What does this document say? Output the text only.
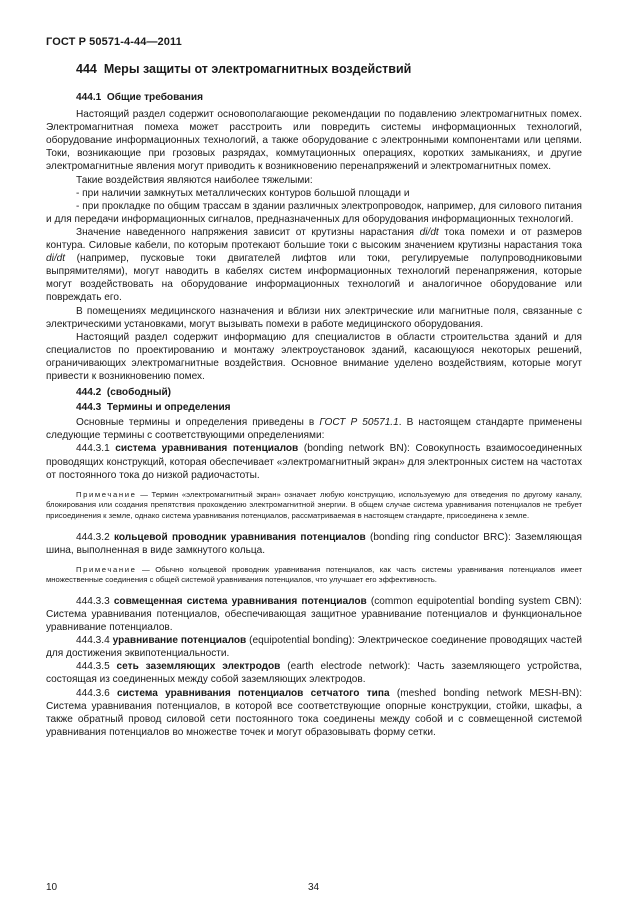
ГОСТ Р 50571-4-44—2011
444 Меры защиты от электромагнитных воздействий
444.1 Общие требования

Настоящий раздел содержит основополагающие рекомендации по подавлению электромагнитных помех. Электромагнитная помеха может расстроить или повредить системы информационных технологий, оборудование информационных технологий, а также оборудование с электронными компонентами или цепями. Токи, возникающие при грозовых разрядах, коммутационных операциях, коротких замыканиях, и другие электромагнитные явления могут приводить к возникновению перенапряжений и электромагнитных помех.

Такие воздействия являются наиболее тяжелыми:

- при наличии замкнутых металлических контуров большой площади и

- при прокладке по общим трассам в здании различных электропроводок, например, для силового питания и для передачи информационных сигналов, предназначенных для оборудования информационных технологий.

Значение наведенного напряжения зависит от крутизны нарастания di/dt тока помехи и от размеров контура. Силовые кабели, по которым протекают большие токи с высоким значением крутизны нарастания тока di/dt (например, пусковые токи двигателей лифтов или токи, регулируемые полупроводниковыми выпрямителями), могут наводить в кабелях систем информационных технологий перенапряжения, которые могут воздействовать на оборудование информационных технологий и аналогичное оборудование или повреждать его.

В помещениях медицинского назначения и вблизи них электрические или магнитные поля, связанные с электрическими установками, могут вызывать помехи в работе медицинского оборудования.

Настоящий раздел содержит информацию для специалистов в области строительства зданий и для специалистов по проектированию и монтажу электроустановок зданий, касающуюся некоторых решений, ограничивающих электромагнитные воздействия. Основное внимание уделено воздействиям, которые могут привести к возникновению помех.

444.2 (свободный)
444.3 Термины и определения

Основные термины и определения приведены в ГОСТ Р 50571.1. В настоящем стандарте применены следующие термины с соответствующими определениями:

444.3.1 система уравнивания потенциалов (bonding network BN): Совокупность взаимосоединенных проводящих конструкций, которая обеспечивает «электромагнитный экран» для электронных систем на частотах от постоянного тока до низкой радиочастоты.

Примечание — Термин «электромагнитный экран» означает любую конструкцию, используемую для отведения по другому каналу, блокирования или создания препятствия прохождению электромагнитной энергии. В общем случае система уравнивания потенциалов не требует присоединения к земле, однако система уравнивания потенциалов, рассматриваемая в настоящем стандарте, присоединена к земле.

444.3.2 кольцевой проводник уравнивания потенциалов (bonding ring conductor BRC): Заземляющая шина, выполненная в виде замкнутого кольца.

Примечание — Обычно кольцевой проводник уравнивания потенциалов, как часть системы уравнивания потенциалов имеет множественные соединения с общей системой уравнивания потенциалов, что улучшает его эффективность.

444.3.3 совмещенная система уравнивания потенциалов (common equipotential bonding system CBN): Система уравнивания потенциалов, обеспечивающая защитное уравнивание потенциалов и функциональное уравнивание потенциалов.

444.3.4 уравнивание потенциалов (equipotential bonding): Электрическое соединение проводящих частей для достижения эквипотенциальности.

444.3.5 сеть заземляющих электродов (earth electrode network): Часть заземляющего устройства, состоящая из соединенных между собой заземляющих электродов.

444.3.6 система уравнивания потенциалов сетчатого типа (meshed bonding network MESH-BN): Система уравнивания потенциалов, в которой все соответствующие опорные конструкции, стойки, шкафы, а также обратный провод силовой сети постоянного тока соединены между собой и с совмещенной системой уравнивания потенциалов во множестве точек и могут образовывать форму сетки.

10	34
